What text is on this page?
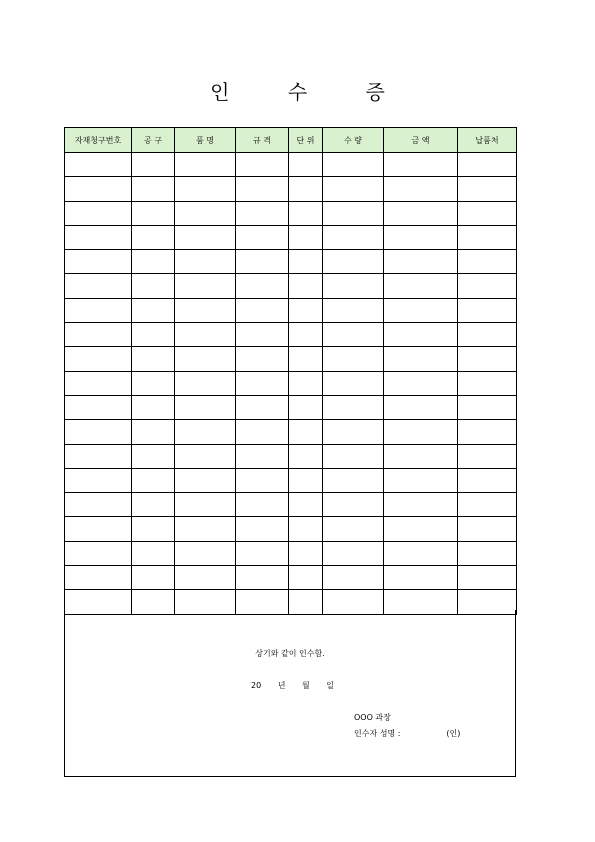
인 수 증
자재청구번호	공 구	품 명	규 격	단 위	수 량	금 액	납품처

상기와 같이 인수함.
20 년 월 일
OOO 과장
인수자 성명 :	(인)
